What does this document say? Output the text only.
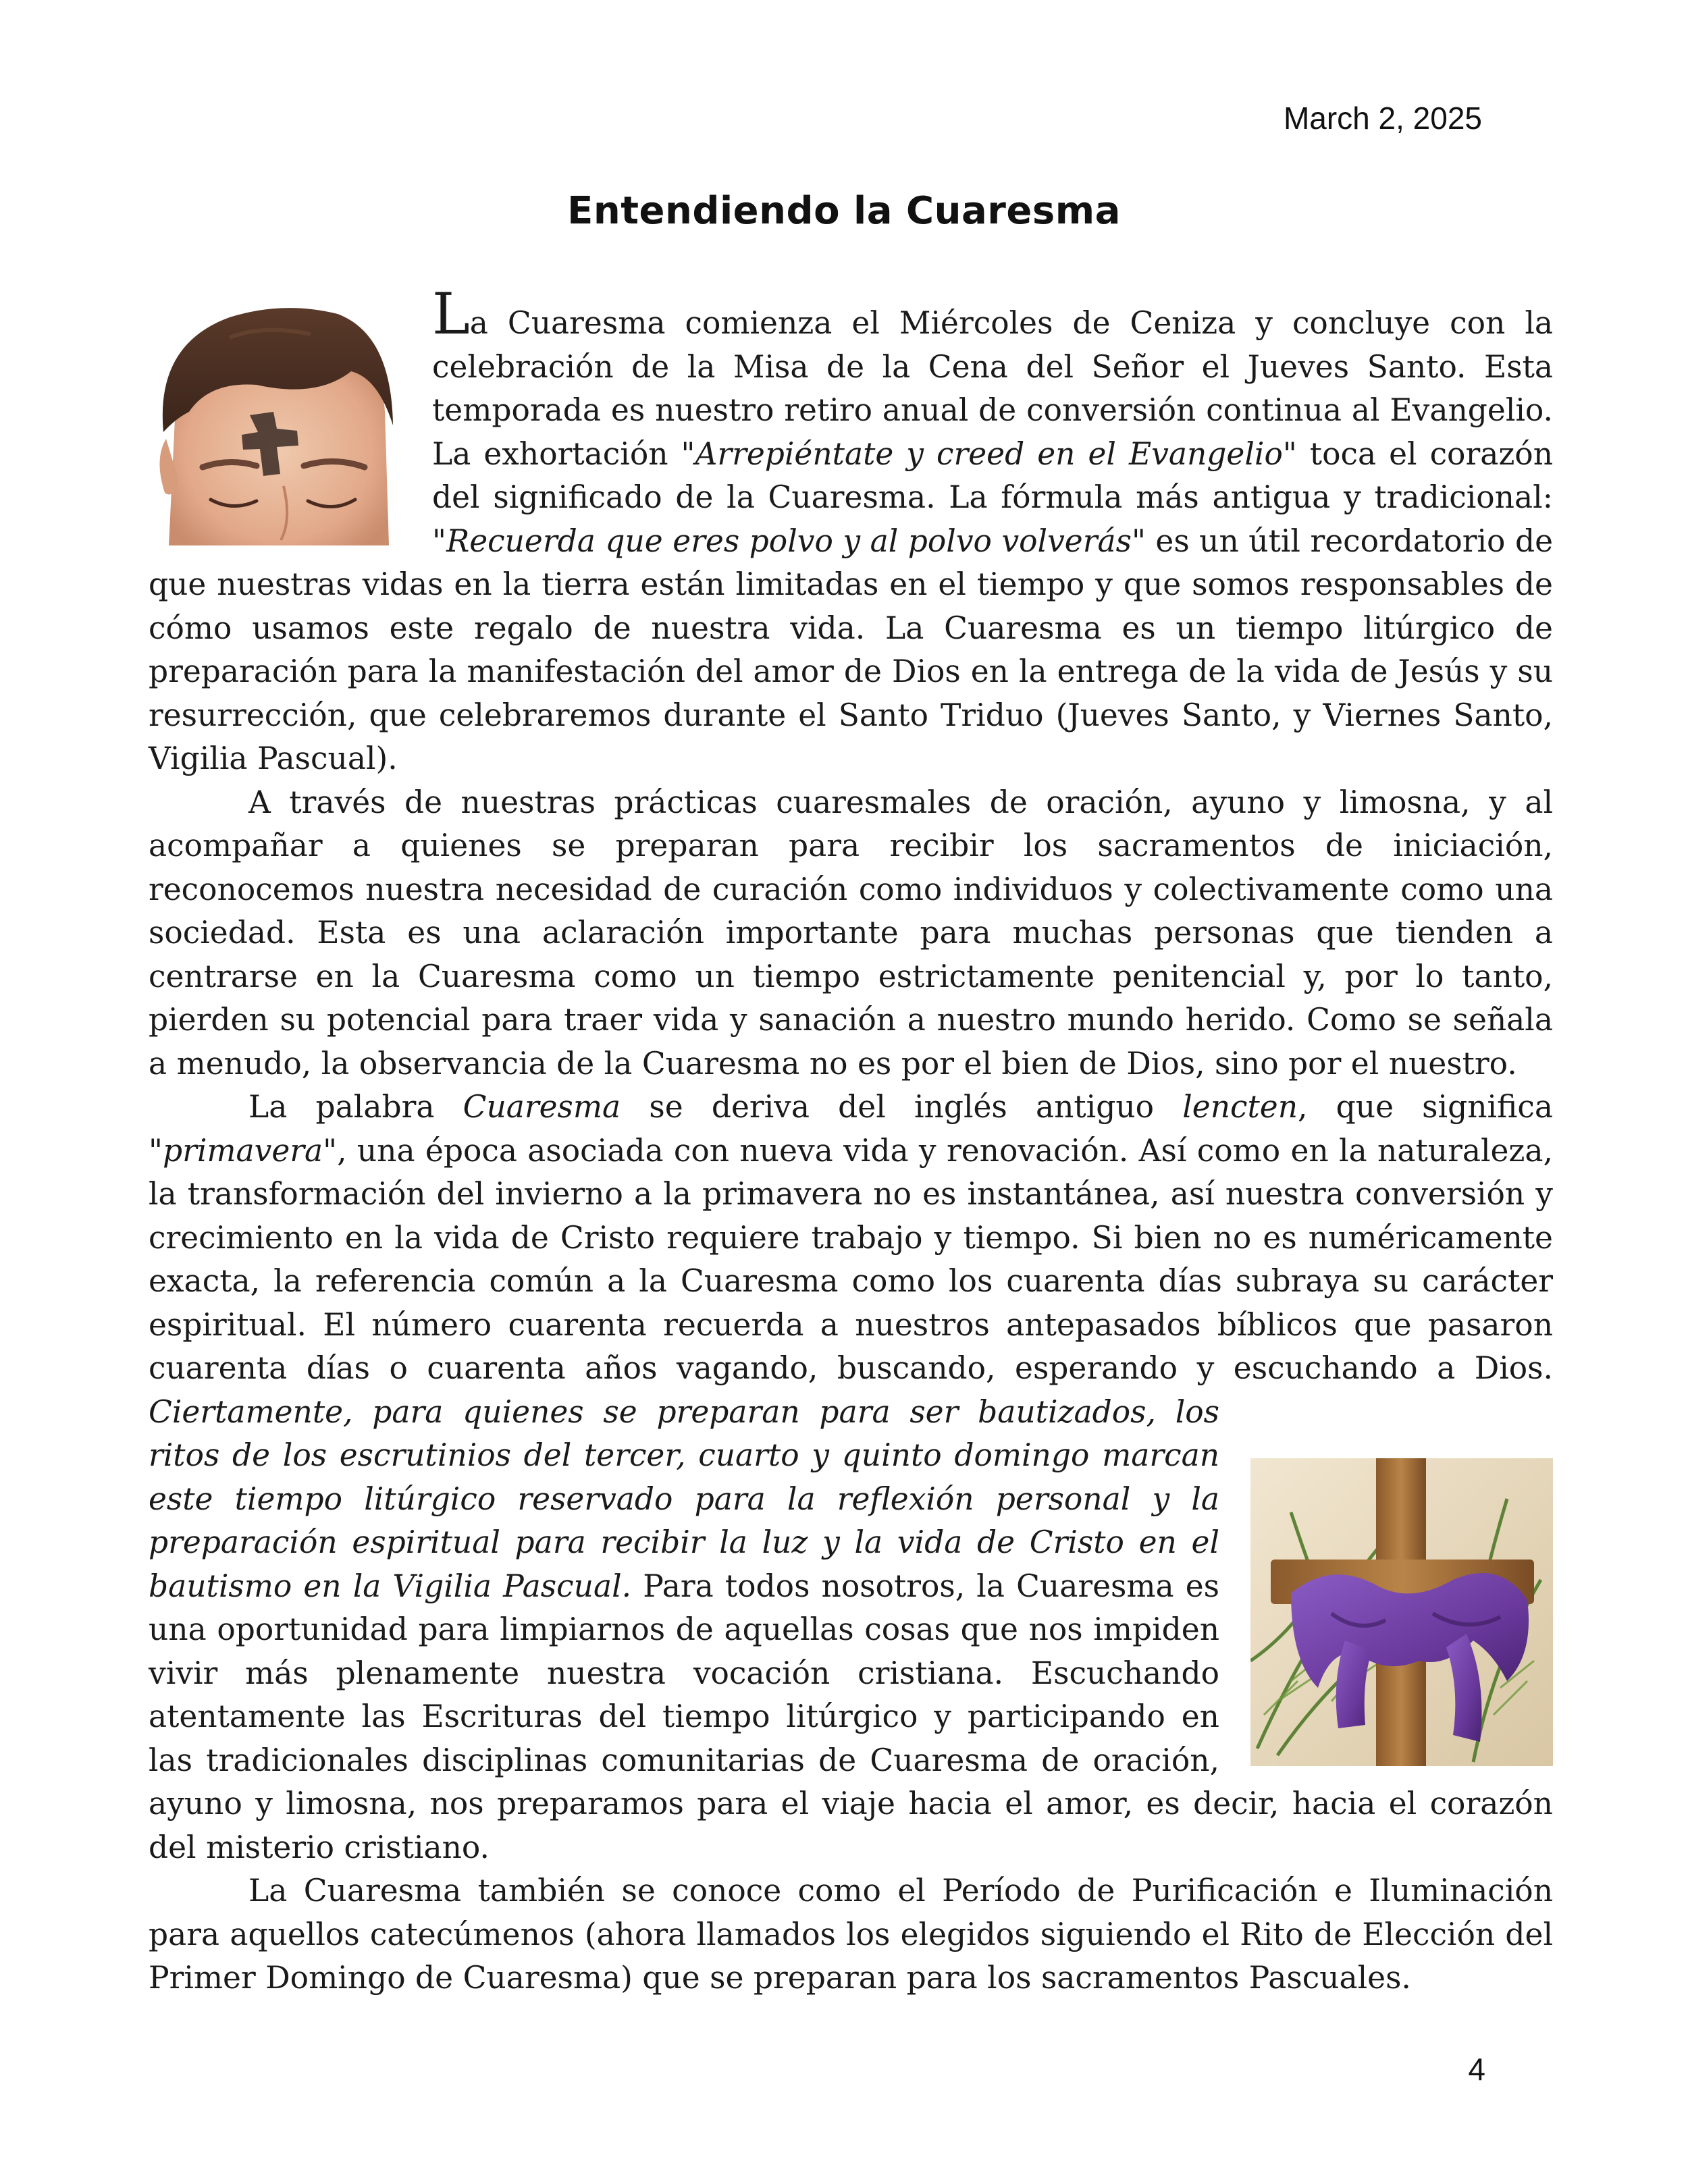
March 2, 2025
Entendiendo la Cuaresma

La Cuaresma comienza el Miércoles de Ceniza y concluye con la celebración de la Misa de la Cena del Señor el Jueves Santo. Esta temporada es nuestro retiro anual de conversión continua al Evangelio. La exhortación "Arrepiéntate y creed en el Evangelio" toca el corazón del significado de la Cuaresma. La fórmula más antigua y tradicional: "Recuerda que eres polvo y al polvo volverás" es un útil recordatorio de que nuestras vidas en la tierra están limitadas en el tiempo y que somos responsables de cómo usamos este regalo de nuestra vida. La Cuaresma es un tiempo litúrgico de preparación para la manifestación del amor de Dios en la entrega de la vida de Jesús y su resurrección, que celebraremos durante el Santo Triduo (Jueves Santo, y Viernes Santo, Vigilia Pascual).

A través de nuestras prácticas cuaresmales de oración, ayuno y limosna, y al acompañar a quienes se preparan para recibir los sacramentos de iniciación, reconocemos nuestra necesidad de curación como individuos y colectivamente como una sociedad. Esta es una aclaración importante para muchas personas que tienden a centrarse en la Cuaresma como un tiempo estrictamente penitencial y, por lo tanto, pierden su potencial para traer vida y sanación a nuestro mundo herido. Como se señala a menudo, la observancia de la Cuaresma no es por el bien de Dios, sino por el nuestro.

La palabra Cuaresma se deriva del inglés antiguo lencten, que significa "primavera", una época asociada con nueva vida y renovación. Así como en la naturaleza, la transformación del invierno a la primavera no es instantánea, así nuestra conversión y crecimiento en la vida de Cristo requiere trabajo y tiempo. Si bien no es numéricamente exacta, la referencia común a la Cuaresma como los cuarenta días subraya su carácter espiritual. El número cuarenta recuerda a nuestros antepasados bíblicos que pasaron cuarenta días o cuarenta años vagando, buscando, esperando y escuchando a Dios.
Ciertamente, para quienes se preparan para ser bautizados, los ritos de los escrutinios del tercer, cuarto y quinto domingo marcan este tiempo litúrgico reservado para la reflexión personal y la preparación espiritual para recibir la luz y la vida de Cristo en el bautismo en la Vigilia Pascual. Para todos nosotros, la Cuaresma es una oportunidad para limpiarnos de aquellas cosas que nos impiden vivir más plenamente nuestra vocación cristiana. Escuchando atentamente las Escrituras del tiempo litúrgico y participando en las tradicionales disciplinas comunitarias de Cuaresma de oración, ayuno y limosna, nos preparamos para el viaje hacia el amor, es decir, hacia el corazón del misterio cristiano.

La Cuaresma también se conoce como el Período de Purificación e Iluminación para aquellos catecúmenos (ahora llamados los elegidos siguiendo el Rito de Elección del Primer Domingo de Cuaresma) que se preparan para los sacramentos Pascuales.

4
